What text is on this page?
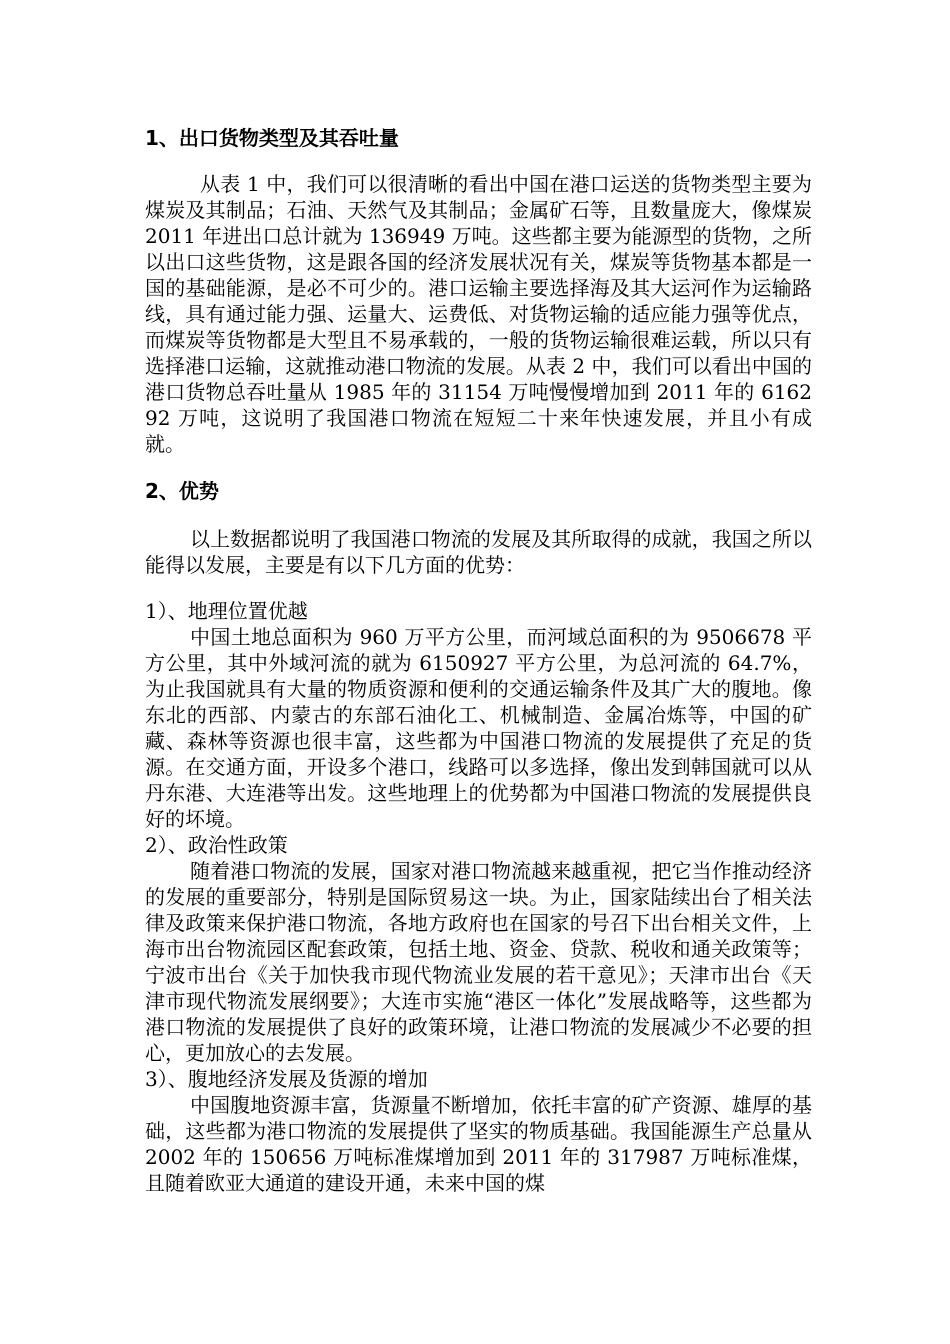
1、出口货物类型及其吞吐量

从表 1 中，我们可以很清晰的看出中国在港口运送的货物类型主要为煤炭及其制品；石油、天然气及其制品；金属矿石等，且数量庞大，像煤炭 2011 年进出口总计就为 136949 万吨。这些都主要为能源型的货物，之所以出口这些货物，这是跟各国的经济发展状况有关，煤炭等货物基本都是一国的基础能源，是必不可少的。港口运输主要选择海及其大运河作为运输路线，具有通过能力强、运量大、运费低、对货物运输的适应能力强等优点，而煤炭等货物都是大型且不易承载的，一般的货物运输很难运载，所以只有选择港口运输，这就推动港口物流的发展。从表 2 中，我们可以看出中国的港口货物总吞吐量从 1985 年的 31154 万吨慢慢增加到 2011 年的 616292 万吨，这说明了我国港口物流在短短二十来年快速发展，并且小有成就。

2、优势

以上数据都说明了我国港口物流的发展及其所取得的成就，我国之所以能得以发展，主要是有以下几方面的优势：

1）、地理位置优越

中国土地总面积为 960 万平方公里，而河域总面积的为 9506678 平方公里，其中外域河流的就为 6150927 平方公里，为总河流的 64.7%，为止我国就具有大量的物质资源和便利的交通运输条件及其广大的腹地。像东北的西部、内蒙古的东部石油化工、机械制造、金属冶炼等，中国的矿藏、森林等资源也很丰富，这些都为中国港口物流的发展提供了充足的货源。在交通方面，开设多个港口，线路可以多选择，像出发到韩国就可以从丹东港、大连港等出发。这些地理上的优势都为中国港口物流的发展提供良好的坏境。

2）、政治性政策

随着港口物流的发展，国家对港口物流越来越重视，把它当作推动经济的发展的重要部分，特别是国际贸易这一块。为止，国家陆续出台了相关法律及政策来保护港口物流，各地方政府也在国家的号召下出台相关文件，上海市出台物流园区配套政策，包括土地、资金、贷款、税收和通关政策等；宁波市出台《关于加快我市现代物流业发展的若干意见》；天津市出台《天津市现代物流发展纲要》；大连市实施“港区一体化”发展战略等，这些都为港口物流的发展提供了良好的政策环境，让港口物流的发展减少不必要的担心，更加放心的去发展。

3）、腹地经济发展及货源的增加

中国腹地资源丰富，货源量不断增加，依托丰富的矿产资源、雄厚的基础，这些都为港口物流的发展提供了坚实的物质基础。我国能源生产总量从 2002 年的 150656 万吨标准煤增加到 2011 年的 317987 万吨标准煤，且随着欧亚大通道的建设开通，未来中国的煤
